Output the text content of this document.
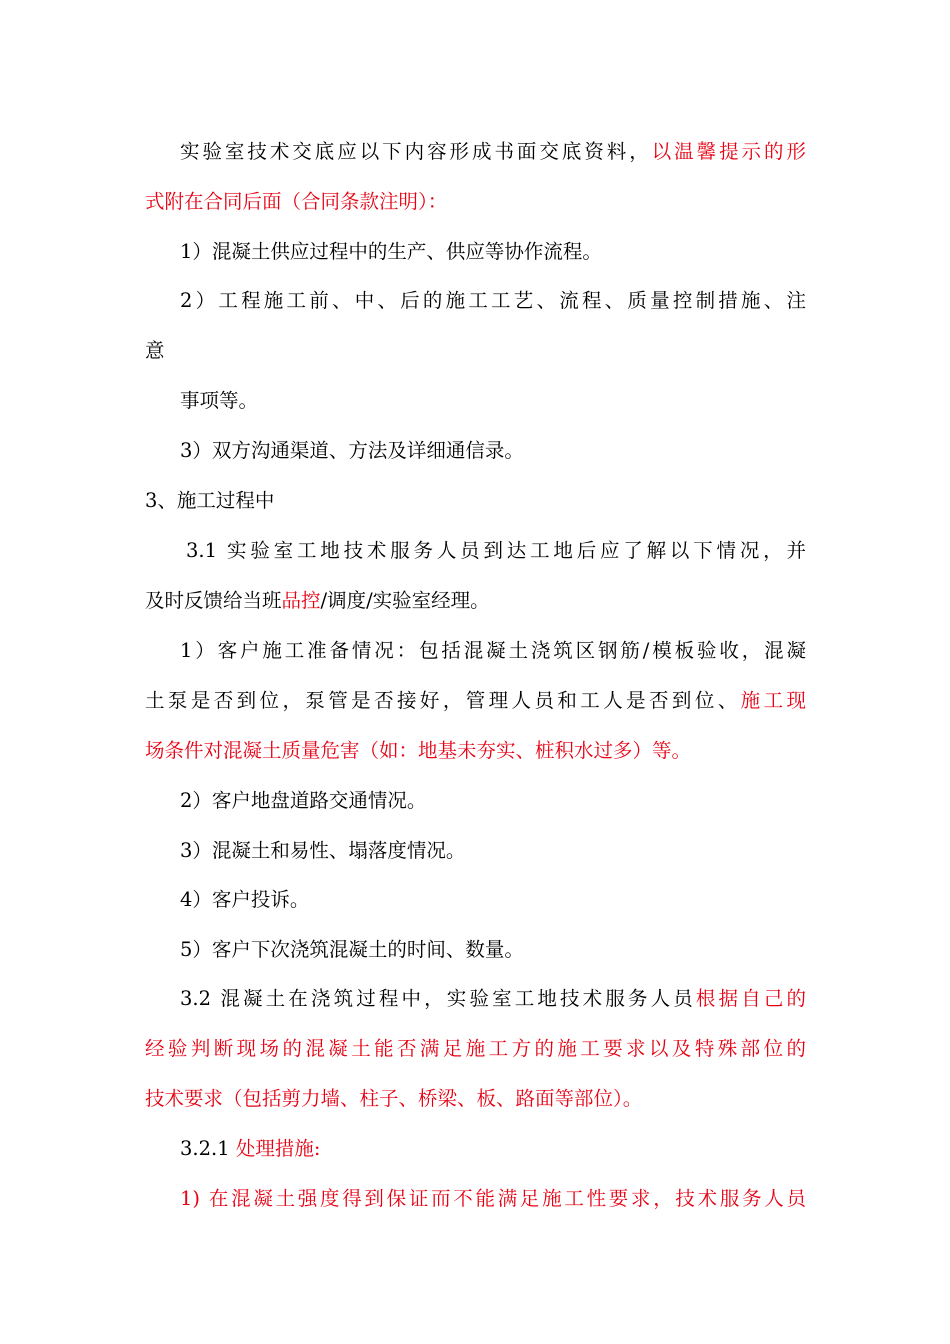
实验室技术交底应以下内容形成书面交底资料，以温馨提示的形
式附在合同后面（合同条款注明）：
1）混凝土供应过程中的生产、供应等协作流程。
2）工程施工前、中、后的施工工艺、流程、质量控制措施、注
意
事项等。
3）双方沟通渠道、方法及详细通信录。
3、施工过程中
3.1 实验室工地技术服务人员到达工地后应了解以下情况，并
及时反馈给当班品控/调度/实验室经理。
1）客户施工准备情况：包括混凝土浇筑区钢筋/模板验收，混凝
土泵是否到位，泵管是否接好，管理人员和工人是否到位、施工现
场条件对混凝土质量危害（如：地基未夯实、桩积水过多）等。
2）客户地盘道路交通情况。
3）混凝土和易性、塌落度情况。
4）客户投诉。
5）客户下次浇筑混凝土的时间、数量。
3.2 混凝土在浇筑过程中，实验室工地技术服务人员根据自己的
经验判断现场的混凝土能否满足施工方的施工要求以及特殊部位的
技术要求（包括剪力墙、柱子、桥梁、板、路面等部位）。
3.2.1 处理措施:
1) 在混凝土强度得到保证而不能满足施工性要求，技术服务人员
